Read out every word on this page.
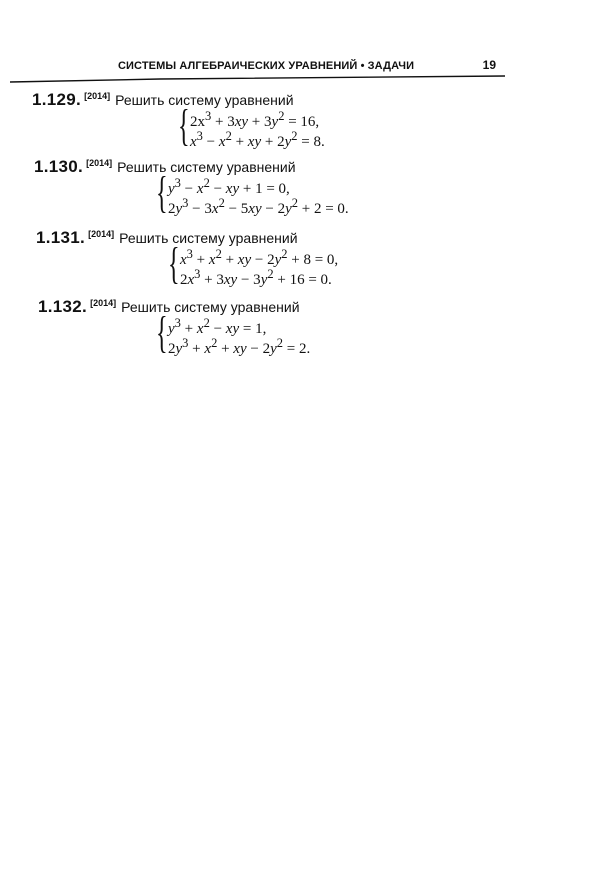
СИСТЕМЫ АЛГЕБРАИЧЕСКИХ УРАВНЕНИЙ • ЗАДАЧИ	19
1.129. [2014] Решить систему уравнений
{ $2x^3 + 3xy + 3y^2 = 16$,
$x^3 - x^2$ + xy + $2y^2 = 8$.
1.130. [2014] Решить систему уравнений
{ $y^3 - x^2$ − xy + 1 = 0,
$2y^3 - 3x^2 - 5xy - 2y^2 + 2 = 0$.
1.131. [2014] Решить систему уравнений
{ $x^3 + x^2$ + xy − $2y^2 + 8 = 0$,
$2x^3 + 3xy - 3y^2 + 16 = 0$.
1.132. [2014] Решить систему уравнений
{ $y^3 + x^2$ − xy = 1,
$2y^3 + x^2$ + xy − $2y^2 = 2$.
